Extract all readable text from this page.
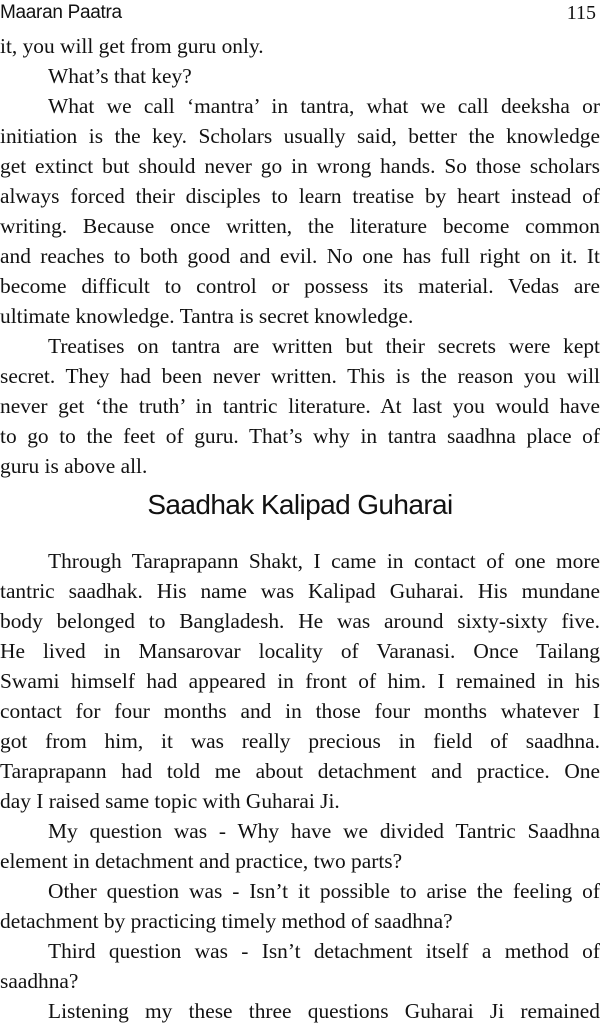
Maaran Paatra	115
it, you will get from guru only.
What’s that key?
What we call ‘mantra’ in tantra, what we call deeksha or
initiation is the key. Scholars usually said, better the knowledge
get extinct but should never go in wrong hands. So those scholars
always forced their disciples to learn treatise by heart instead of
writing. Because once written, the literature become common
and reaches to both good and evil. No one has full right on it. It
become difficult to control or possess its material. Vedas are
ultimate knowledge. Tantra is secret knowledge.
Treatises on tantra are written but their secrets were kept
secret. They had been never written. This is the reason you will
never get ‘the truth’ in tantric literature. At last you would have
to go to the feet of guru. That’s why in tantra saadhna place of
guru is above all.
Saadhak Kalipad Guharai
Through Taraprapann Shakt, I came in contact of one more
tantric saadhak. His name was Kalipad Guharai. His mundane
body belonged to Bangladesh. He was around sixty-sixty five.
He lived in Mansarovar locality of Varanasi. Once Tailang
Swami himself had appeared in front of him. I remained in his
contact for four months and in those four months whatever I
got from him, it was really precious in field of saadhna.
Taraprapann had told me about detachment and practice. One
day I raised same topic with Guharai Ji.
My question was - Why have we divided Tantric Saadhna
element in detachment and practice, two parts?
Other question was - Isn’t it possible to arise the feeling of
detachment by practicing timely method of saadhna?
Third question was - Isn’t detachment itself a method of
saadhna?
Listening my these three questions Guharai Ji remained
